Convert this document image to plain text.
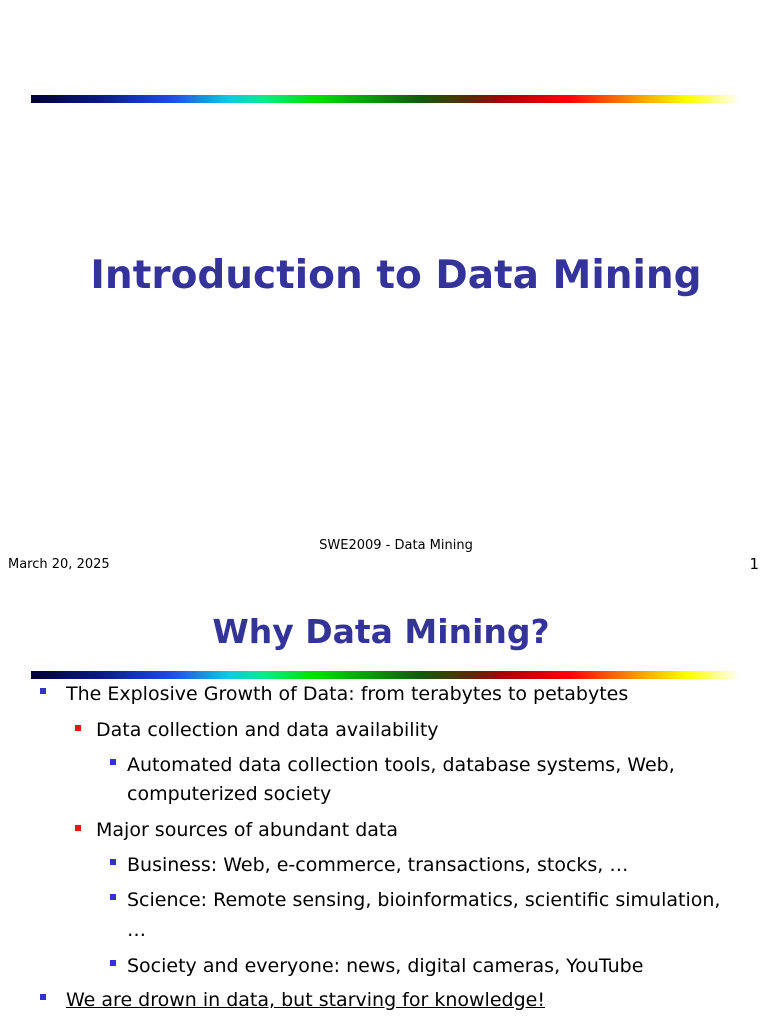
Introduction to Data Mining
SWE2009 - Data Mining
March 20, 2025	1
Why Data Mining?
The Explosive Growth of Data: from terabytes to petabytes
Data collection and data availability
Automated data collection tools, database systems, Web,
computerized society
Major sources of abundant data
Business: Web, e-commerce, transactions, stocks, …
Science: Remote sensing, bioinformatics, scientific simulation,
…
Society and everyone: news, digital cameras, YouTube
We are drown in data, but starving for knowledge!
